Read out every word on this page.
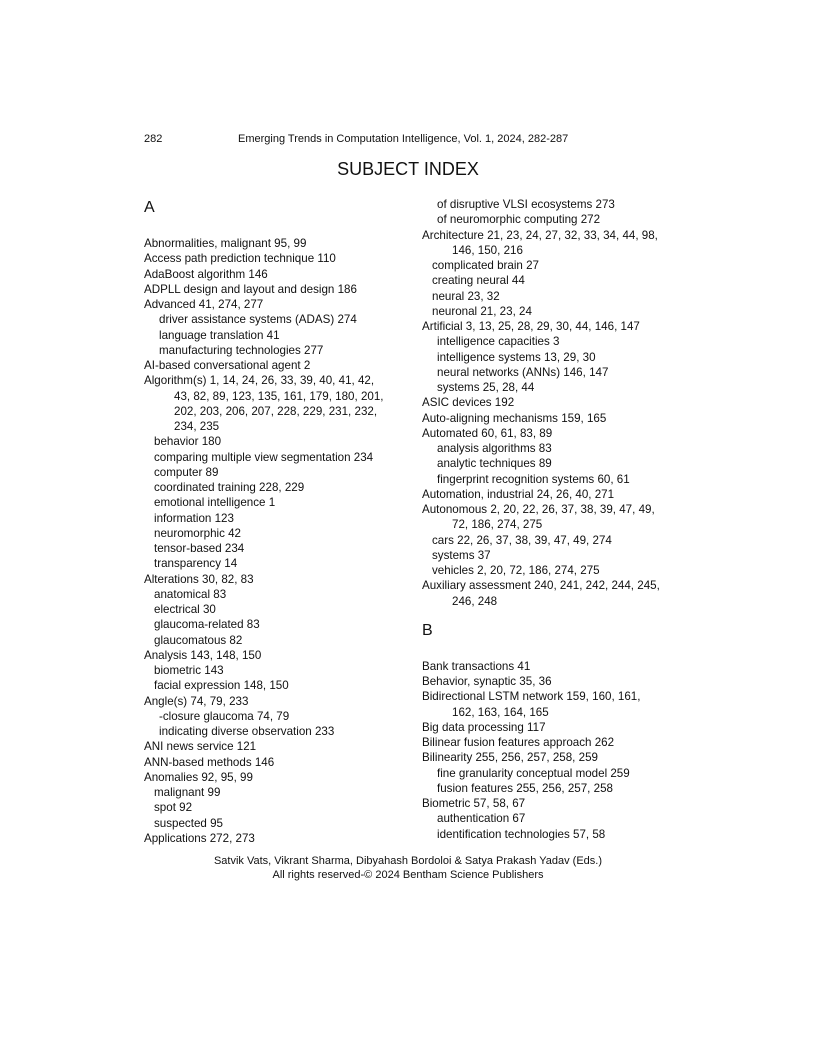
282	Emerging Trends in Computation Intelligence, Vol. 1, 2024, 282-287
SUBJECT INDEX
A
Abnormalities, malignant 95, 99
Access path prediction technique 110
AdaBoost algorithm 146
ADPLL design and layout and design 186
Advanced 41, 274, 277
driver assistance systems (ADAS) 274
language translation 41
manufacturing technologies 277
AI-based conversational agent 2
Algorithm(s) 1, 14, 24, 26, 33, 39, 40, 41, 42,
43, 82, 89, 123, 135, 161, 179, 180, 201,
202, 203, 206, 207, 228, 229, 231, 232,
234, 235
behavior 180
comparing multiple view segmentation 234
computer 89
coordinated training 228, 229
emotional intelligence 1
information 123
neuromorphic 42
tensor-based 234
transparency 14
Alterations 30, 82, 83
anatomical 83
electrical 30
glaucoma-related 83
glaucomatous 82
Analysis 143, 148, 150
biometric 143
facial expression 148, 150
Angle(s) 74, 79, 233
-closure glaucoma 74, 79
indicating diverse observation 233
ANI news service 121
ANN-based methods 146
Anomalies 92, 95, 99
malignant 99
spot 92
suspected 95
Applications 272, 273
of disruptive VLSI ecosystems 273
of neuromorphic computing 272
Architecture 21, 23, 24, 27, 32, 33, 34, 44, 98,
146, 150, 216
complicated brain 27
creating neural 44
neural 23, 32
neuronal 21, 23, 24
Artificial 3, 13, 25, 28, 29, 30, 44, 146, 147
intelligence capacities 3
intelligence systems 13, 29, 30
neural networks (ANNs) 146, 147
systems 25, 28, 44
ASIC devices 192
Auto-aligning mechanisms 159, 165
Automated 60, 61, 83, 89
analysis algorithms 83
analytic techniques 89
fingerprint recognition systems 60, 61
Automation, industrial 24, 26, 40, 271
Autonomous 2, 20, 22, 26, 37, 38, 39, 47, 49,
72, 186, 274, 275
cars 22, 26, 37, 38, 39, 47, 49, 274
systems 37
vehicles 2, 20, 72, 186, 274, 275
Auxiliary assessment 240, 241, 242, 244, 245,
246, 248
B
Bank transactions 41
Behavior, synaptic 35, 36
Bidirectional LSTM network 159, 160, 161,
162, 163, 164, 165
Big data processing 117
Bilinear fusion features approach 262
Bilinearity 255, 256, 257, 258, 259
fine granularity conceptual model 259
fusion features 255, 256, 257, 258
Biometric 57, 58, 67
authentication 67
identification technologies 57, 58
Satvik Vats, Vikrant Sharma, Dibyahash Bordoloi & Satya Prakash Yadav (Eds.)
All rights reserved-© 2024 Bentham Science Publishers
